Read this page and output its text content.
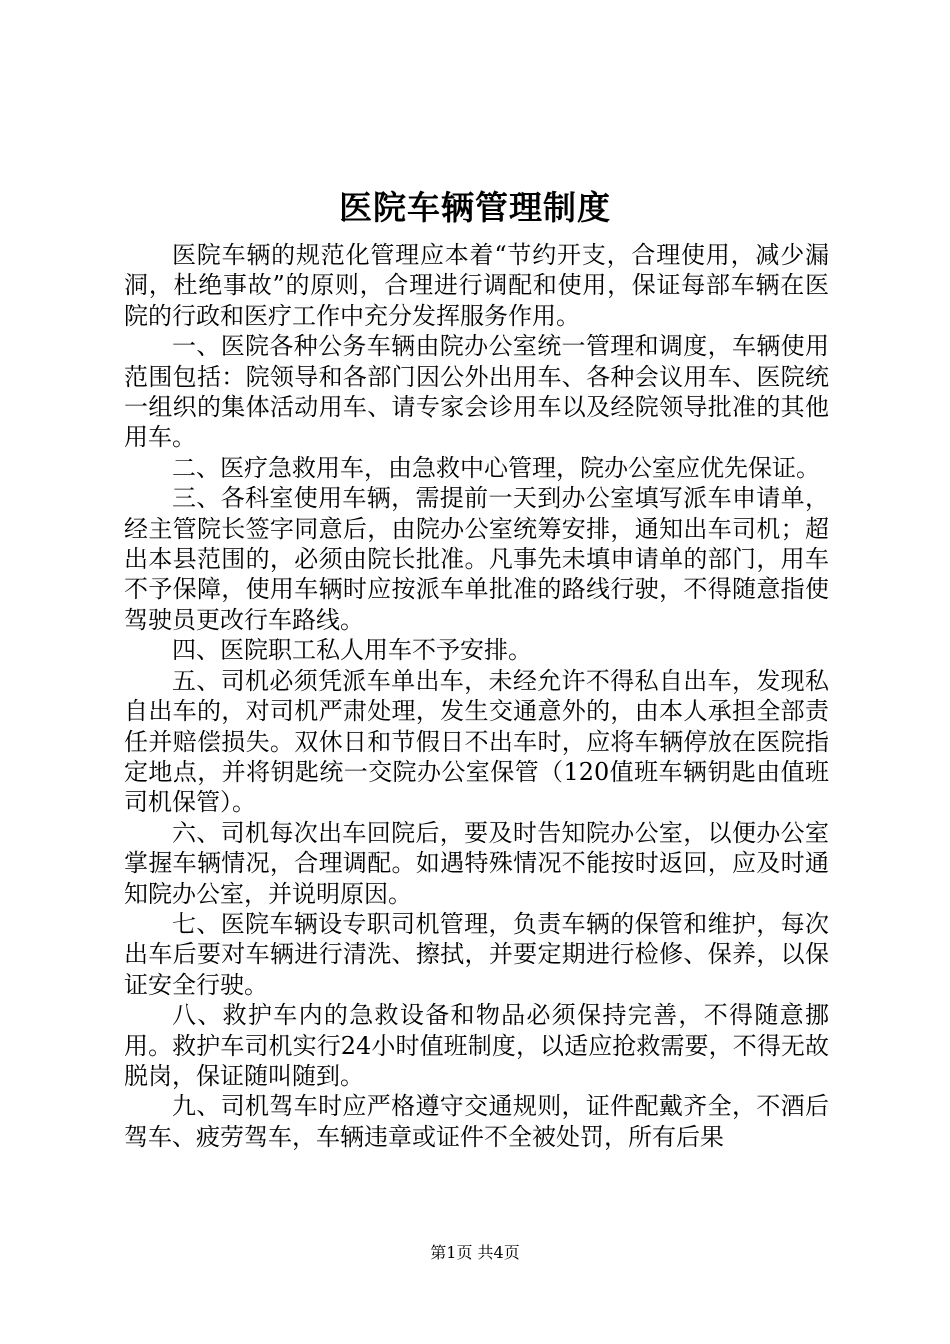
医院车辆管理制度

医院车辆的规范化管理应本着“节约开支，合理使用，减少漏洞，杜绝事故”的原则，合理进行调配和使用，保证每部车辆在医院的行政和医疗工作中充分发挥服务作用。

一、医院各种公务车辆由院办公室统一管理和调度，车辆使用范围包括：院领导和各部门因公外出用车、各种会议用车、医院统一组织的集体活动用车、请专家会诊用车以及经院领导批准的其他用车。

二、医疗急救用车，由急救中心管理，院办公室应优先保证。

三、各科室使用车辆，需提前一天到办公室填写派车申请单，经主管院长签字同意后，由院办公室统筹安排，通知出车司机；超出本县范围的，必须由院长批准。凡事先未填申请单的部门，用车不予保障，使用车辆时应按派车单批准的路线行驶，不得随意指使驾驶员更改行车路线。

四、医院职工私人用车不予安排。

五、司机必须凭派车单出车，未经允许不得私自出车，发现私自出车的，对司机严肃处理，发生交通意外的，由本人承担全部责任并赔偿损失。双休日和节假日不出车时，应将车辆停放在医院指定地点，并将钥匙统一交院办公室保管（120值班车辆钥匙由值班司机保管）。

六、司机每次出车回院后，要及时告知院办公室，以便办公室掌握车辆情况，合理调配。如遇特殊情况不能按时返回，应及时通知院办公室，并说明原因。

七、医院车辆设专职司机管理，负责车辆的保管和维护，每次出车后要对车辆进行清洗、擦拭，并要定期进行检修、保养，以保证安全行驶。

八、救护车内的急救设备和物品必须保持完善，不得随意挪用。救护车司机实行24小时值班制度，以适应抢救需要，不得无故脱岗，保证随叫随到。

九、司机驾车时应严格遵守交通规则，证件配戴齐全，不酒后驾车、疲劳驾车，车辆违章或证件不全被处罚，所有后果

第1页 共4页
